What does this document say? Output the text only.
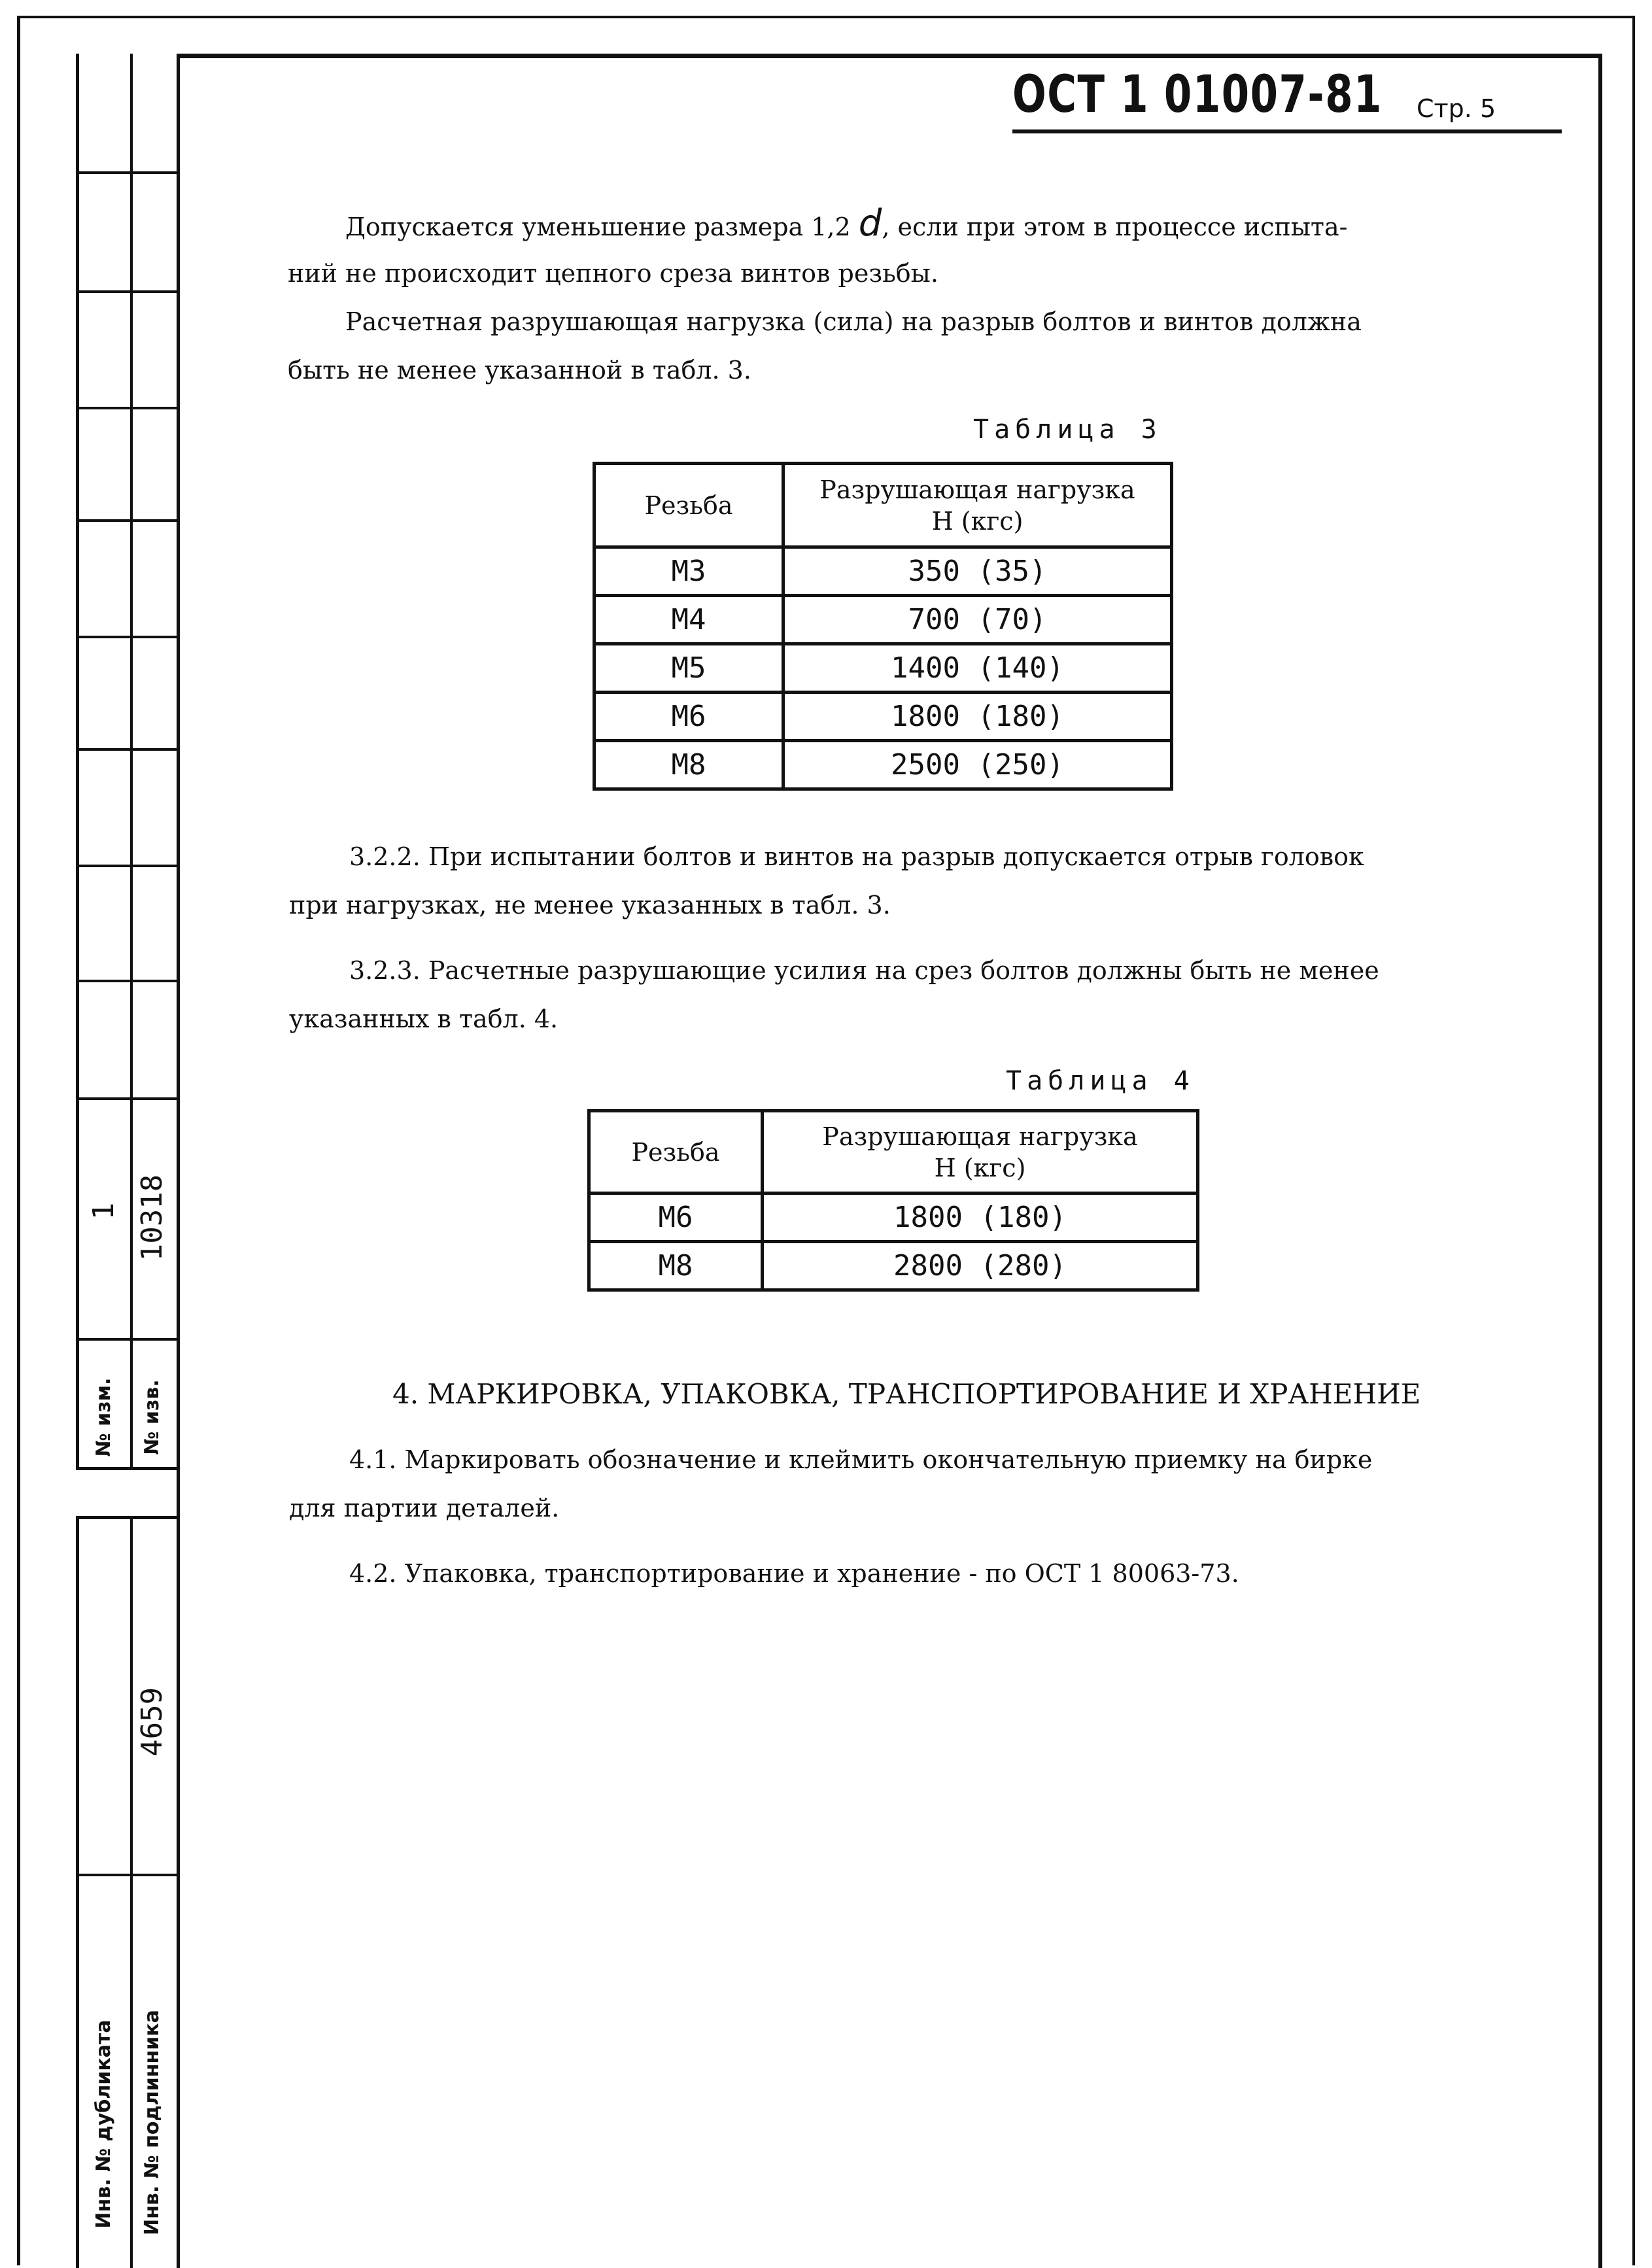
1 10318
№ изм. № изв.
4659
Инв. № дубликата Инв. № подлинника
ОСТ 1 01007-81 Стр. 5
Допускается уменьшение размера 1,2 d, если при этом в процессе испыта-
ний не происходит цепного среза винтов резьбы.
Расчетная разрушающая нагрузка (сила) на разрыв болтов и винтов должна
быть не менее указанной в табл. 3.
Таблица 3
Резьба	Разрушающая нагрузка
Н (кгс)

М3	350 (35)
М4	700 (70)
М5	1400 (140)
М6	1800 (180)
М8	2500 (250)
3.2.2. При испытании болтов и винтов на разрыв допускается отрыв головок
при нагрузках, не менее указанных в табл. 3.
3.2.3. Расчетные разрушающие усилия на срез болтов должны быть не менее
указанных в табл. 4.
Таблица 4
Резьба	Разрушающая нагрузка
Н (кгс)

М6	1800 (180)
М8	2800 (280)
4. МАРКИРОВКА, УПАКОВКА, ТРАНСПОРТИРОВАНИЕ И ХРАНЕНИЕ
4.1. Маркировать обозначение и клеймить окончательную приемку на бирке
для партии деталей.
4.2. Упаковка, транспортирование и хранение - по ОСТ 1 80063-73.
